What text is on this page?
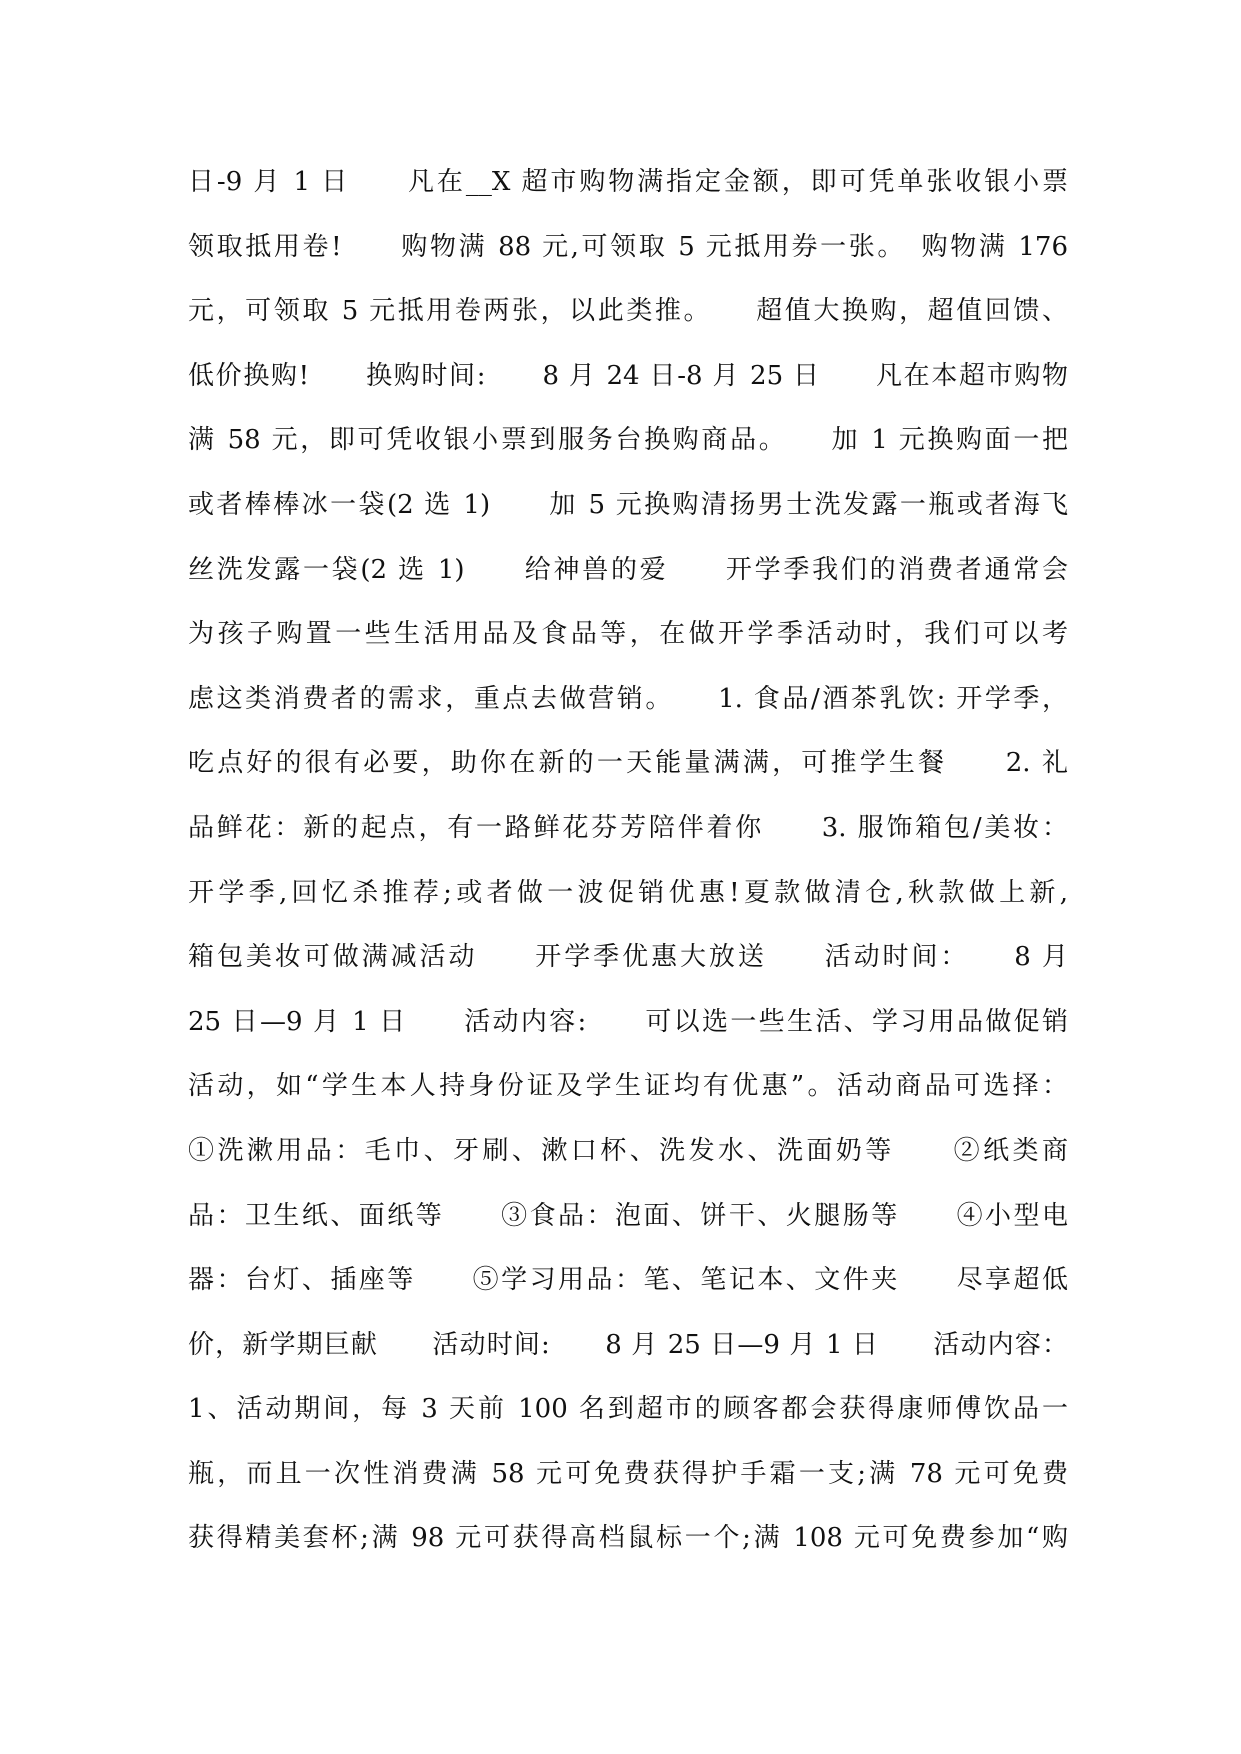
日-9 月 1 日　　凡在__X 超市购物满指定金额，即可凭单张收银小票
领取抵用卷!　　购物满 88 元,可领取 5 元抵用券一张。　购物满 176
元，可领取 5 元抵用卷两张，以此类推。　　超值大换购，超值回馈、
低价换购!　　换购时间:　　8 月 24 日-8 月 25 日　　凡在本超市购物
满 58 元，即可凭收银小票到服务台换购商品。　　加 1 元换购面一把
或者棒棒冰一袋(2 选 1)　　加 5 元换购清扬男士洗发露一瓶或者海飞
丝洗发露一袋(2 选 1)　　给神兽的爱　　开学季我们的消费者通常会
为孩子购置一些生活用品及食品等，在做开学季活动时，我们可以考
虑这类消费者的需求，重点去做营销。　　1. 食品/酒茶乳饮: 开学季，
吃点好的很有必要，助你在新的一天能量满满，可推学生餐　　2. 礼
品鲜花：新的起点，有一路鲜花芬芳陪伴着你　　3. 服饰箱包/美妆：
开学季,回忆杀推荐;或者做一波促销优惠!夏款做清仓,秋款做上新,
箱包美妆可做满减活动　　开学季优惠大放送　　活动时间：　　8 月
25 日—9 月 1 日　　活动内容:　　可以选一些生活、学习用品做促销
活动，如“学生本人持身份证及学生证均有优惠”。活动商品可选择：
①洗漱用品：毛巾、牙刷、漱口杯、洗发水、洗面奶等　　②纸类商
品：卫生纸、面纸等　　③食品：泡面、饼干、火腿肠等　　④小型电
器：台灯、插座等　　⑤学习用品：笔、笔记本、文件夹　　尽享超低
价，新学期巨献　　活动时间:　　8 月 25 日—9 月 1 日　　活动内容：
1、活动期间，每 3 天前 100 名到超市的顾客都会获得康师傅饮品一
瓶，而且一次性消费满 58 元可免费获得护手霜一支;满 78 元可免费
获得精美套杯;满 98 元可获得高档鼠标一个;满 108 元可免费参加“购
